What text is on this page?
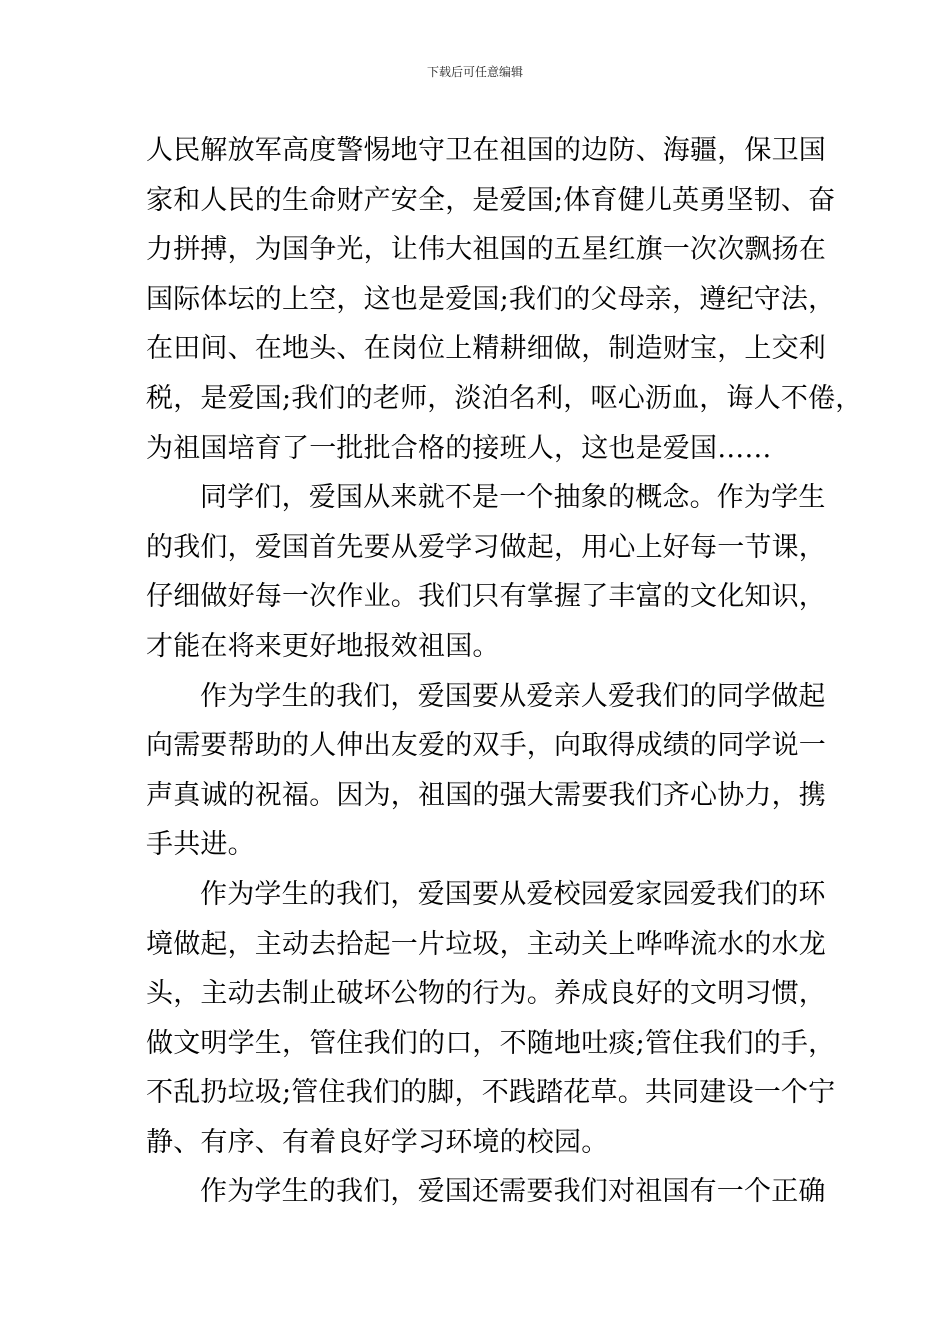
下载后可任意编辑
人民解放军高度警惕地守卫在祖国的边防、海疆，保卫国
家和人民的生命财产安全，是爱国;体育健儿英勇坚韧、奋
力拼搏，为国争光，让伟大祖国的五星红旗一次次飘扬在
国际体坛的上空，这也是爱国;我们的父母亲，遵纪守法，
在田间、在地头、在岗位上精耕细做，制造财宝，上交利
税，是爱国;我们的老师，淡泊名利，呕心沥血，诲人不倦，
为祖国培育了一批批合格的接班人，这也是爱国……
同学们，爱国从来就不是一个抽象的概念。作为学生
的我们，爱国首先要从爱学习做起，用心上好每一节课，
仔细做好每一次作业。我们只有掌握了丰富的文化知识，
才能在将来更好地报效祖国。
作为学生的我们，爱国要从爱亲人爱我们的同学做起
向需要帮助的人伸出友爱的双手，向取得成绩的同学说一
声真诚的祝福。因为，祖国的强大需要我们齐心协力，携
手共进。
作为学生的我们，爱国要从爱校园爱家园爱我们的环
境做起，主动去拾起一片垃圾，主动关上哗哗流水的水龙
头，主动去制止破坏公物的行为。养成良好的文明习惯，
做文明学生，管住我们的口，不随地吐痰;管住我们的手，
不乱扔垃圾;管住我们的脚，不践踏花草。共同建设一个宁
静、有序、有着良好学习环境的校园。
作为学生的我们，爱国还需要我们对祖国有一个正确
